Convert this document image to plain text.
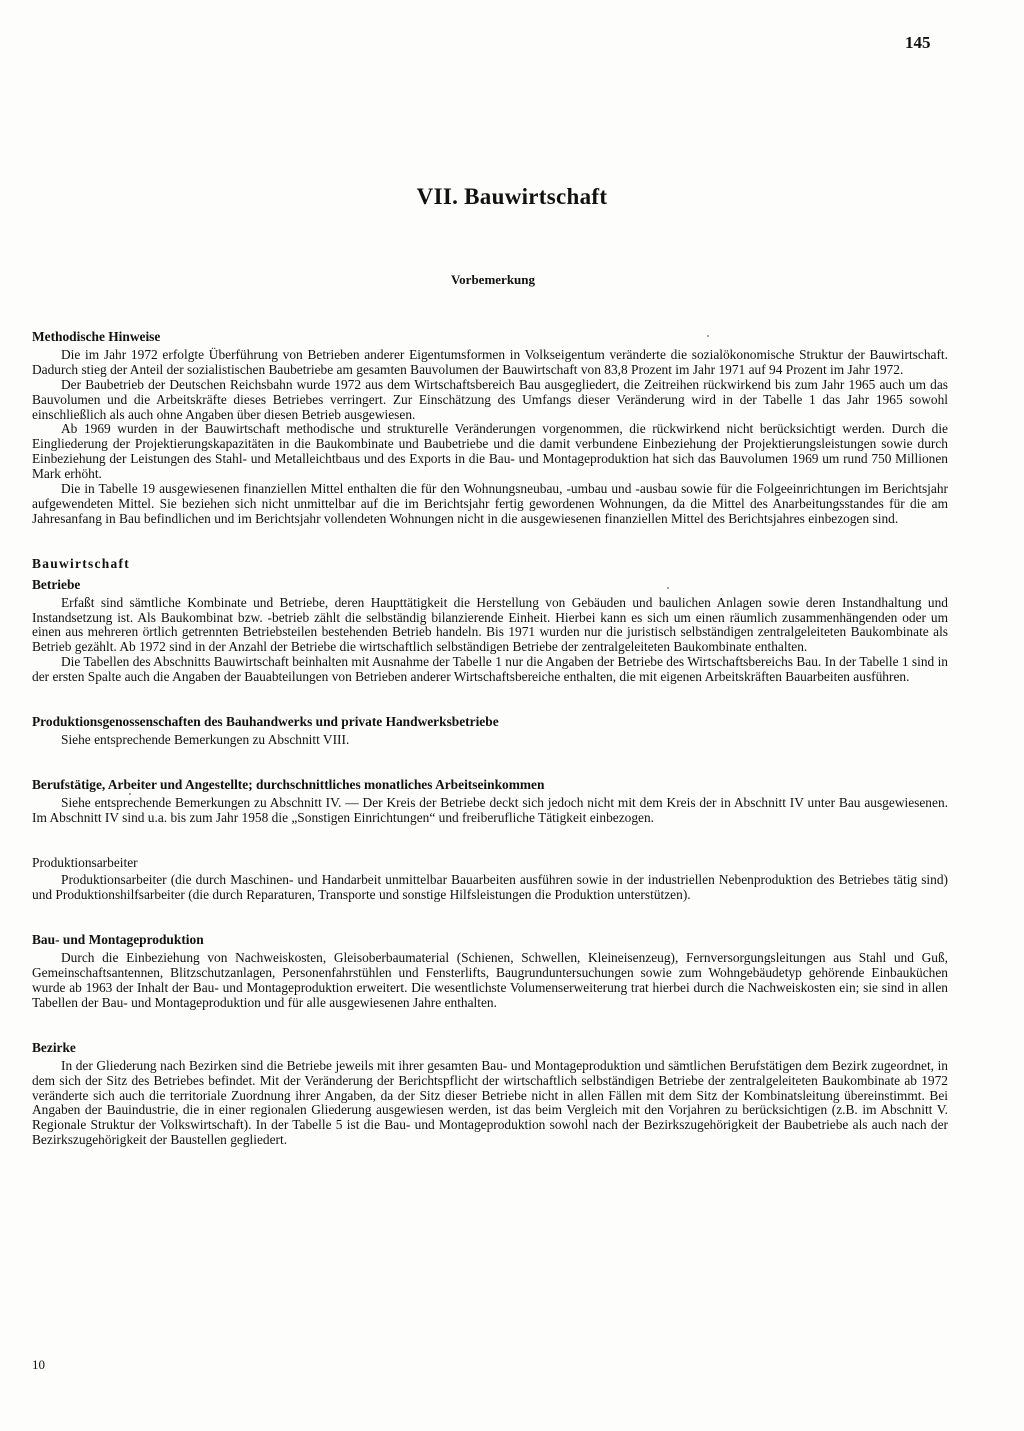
145
VII. Bauwirtschaft
Vorbemerkung
Methodische Hinweise

Die im Jahr 1972 erfolgte Überführung von Betrieben anderer Eigentumsformen in Volkseigentum veränderte die sozialökonomische Struktur der Bauwirtschaft. Dadurch stieg der Anteil der sozialistischen Baubetriebe am gesamten Bauvolumen der Bauwirtschaft von 83,8 Prozent im Jahr 1971 auf 94 Prozent im Jahr 1972.

Der Baubetrieb der Deutschen Reichsbahn wurde 1972 aus dem Wirtschaftsbereich Bau ausgegliedert, die Zeitreihen rückwirkend bis zum Jahr 1965 auch um das Bauvolumen und die Arbeitskräfte dieses Betriebes verringert. Zur Einschätzung des Umfangs dieser Veränderung wird in der Tabelle 1 das Jahr 1965 sowohl einschließlich als auch ohne Angaben über diesen Betrieb ausgewiesen.

Ab 1969 wurden in der Bauwirtschaft methodische und strukturelle Veränderungen vorgenommen, die rückwirkend nicht berücksichtigt werden. Durch die Eingliederung der Projektierungskapazitäten in die Baukombinate und Baubetriebe und die damit verbundene Einbeziehung der Projektierungsleistungen sowie durch Einbeziehung der Leistungen des Stahl- und Metalleichtbaus und des Exports in die Bau- und Montageproduktion hat sich das Bauvolumen 1969 um rund 750 Millionen Mark erhöht.

Die in Tabelle 19 ausgewiesenen finanziellen Mittel enthalten die für den Wohnungsneubau, -umbau und -ausbau sowie für die Folgeeinrichtungen im Berichtsjahr aufgewendeten Mittel. Sie beziehen sich nicht unmittelbar auf die im Berichtsjahr fertig gewordenen Wohnungen, da die Mittel des Anarbeitungsstandes für die am Jahresanfang in Bau befindlichen und im Berichtsjahr vollendeten Wohnungen nicht in die ausgewiesenen finanziellen Mittel des Berichtsjahres einbezogen sind.

Bauwirtschaft
Betriebe

Erfaßt sind sämtliche Kombinate und Betriebe, deren Haupttätigkeit die Herstellung von Gebäuden und baulichen Anlagen sowie deren Instandhaltung und Instandsetzung ist. Als Baukombinat bzw. -betrieb zählt die selbständig bilanzierende Einheit. Hierbei kann es sich um einen räumlich zusammenhängenden oder um einen aus mehreren örtlich getrennten Betriebsteilen bestehenden Betrieb handeln. Bis 1971 wurden nur die juristisch selbständigen zentralgeleiteten Baukombinate als Betrieb gezählt. Ab 1972 sind in der Anzahl der Betriebe die wirtschaftlich selbständigen Betriebe der zentralgeleiteten Baukombinate enthalten.

Die Tabellen des Abschnitts Bauwirtschaft beinhalten mit Ausnahme der Tabelle 1 nur die Angaben der Betriebe des Wirtschaftsbereichs Bau. In der Tabelle 1 sind in der ersten Spalte auch die Angaben der Bauabteilungen von Betrieben anderer Wirtschaftsbereiche enthalten, die mit eigenen Arbeitskräften Bauarbeiten ausführen.

Produktionsgenossenschaften des Bauhandwerks und private Handwerksbetriebe

Siehe entsprechende Bemerkungen zu Abschnitt VIII.

Berufstätige, Arbeiter und Angestellte; durchschnittliches monatliches Arbeitseinkommen

Siehe entsprechende Bemerkungen zu Abschnitt IV. — Der Kreis der Betriebe deckt sich jedoch nicht mit dem Kreis der in Abschnitt IV unter Bau ausgewiesenen. Im Abschnitt IV sind u.a. bis zum Jahr 1958 die „Sonstigen Einrichtungen“ und freiberufliche Tätigkeit einbezogen.

Produktionsarbeiter

Produktionsarbeiter (die durch Maschinen- und Handarbeit unmittelbar Bauarbeiten ausführen sowie in der industriellen Nebenproduktion des Betriebes tätig sind) und Produktionshilfsarbeiter (die durch Reparaturen, Transporte und sonstige Hilfsleistungen die Produktion unterstützen).

Bau- und Montageproduktion

Durch die Einbeziehung von Nachweiskosten, Gleisoberbaumaterial (Schienen, Schwellen, Kleineisenzeug), Fernversorgungsleitungen aus Stahl und Guß, Gemeinschaftsantennen, Blitzschutzanlagen, Personenfahrstühlen und Fensterlifts, Baugrunduntersuchungen sowie zum Wohngebäudetyp gehörende Einbauküchen wurde ab 1963 der Inhalt der Bau- und Montageproduktion erweitert. Die wesentlichste Volumenserweiterung trat hierbei durch die Nachweiskosten ein; sie sind in allen Tabellen der Bau- und Montageproduktion und für alle ausgewiesenen Jahre enthalten.

Bezirke

In der Gliederung nach Bezirken sind die Betriebe jeweils mit ihrer gesamten Bau- und Montageproduktion und sämtlichen Berufstätigen dem Bezirk zugeordnet, in dem sich der Sitz des Betriebes befindet. Mit der Veränderung der Berichtspflicht der wirtschaftlich selbständigen Betriebe der zentralgeleiteten Baukombinate ab 1972 veränderte sich auch die territoriale Zuordnung ihrer Angaben, da der Sitz dieser Betriebe nicht in allen Fällen mit dem Sitz der Kombinatsleitung übereinstimmt. Bei Angaben der Bauindustrie, die in einer regionalen Gliederung ausgewiesen werden, ist das beim Vergleich mit den Vorjahren zu berücksichtigen (z.B. im Abschnitt V. Regionale Struktur der Volkswirtschaft). In der Tabelle 5 ist die Bau- und Montageproduktion sowohl nach der Bezirkszugehörigkeit der Baubetriebe als auch nach der Bezirkszugehörigkeit der Baustellen gegliedert.

10
